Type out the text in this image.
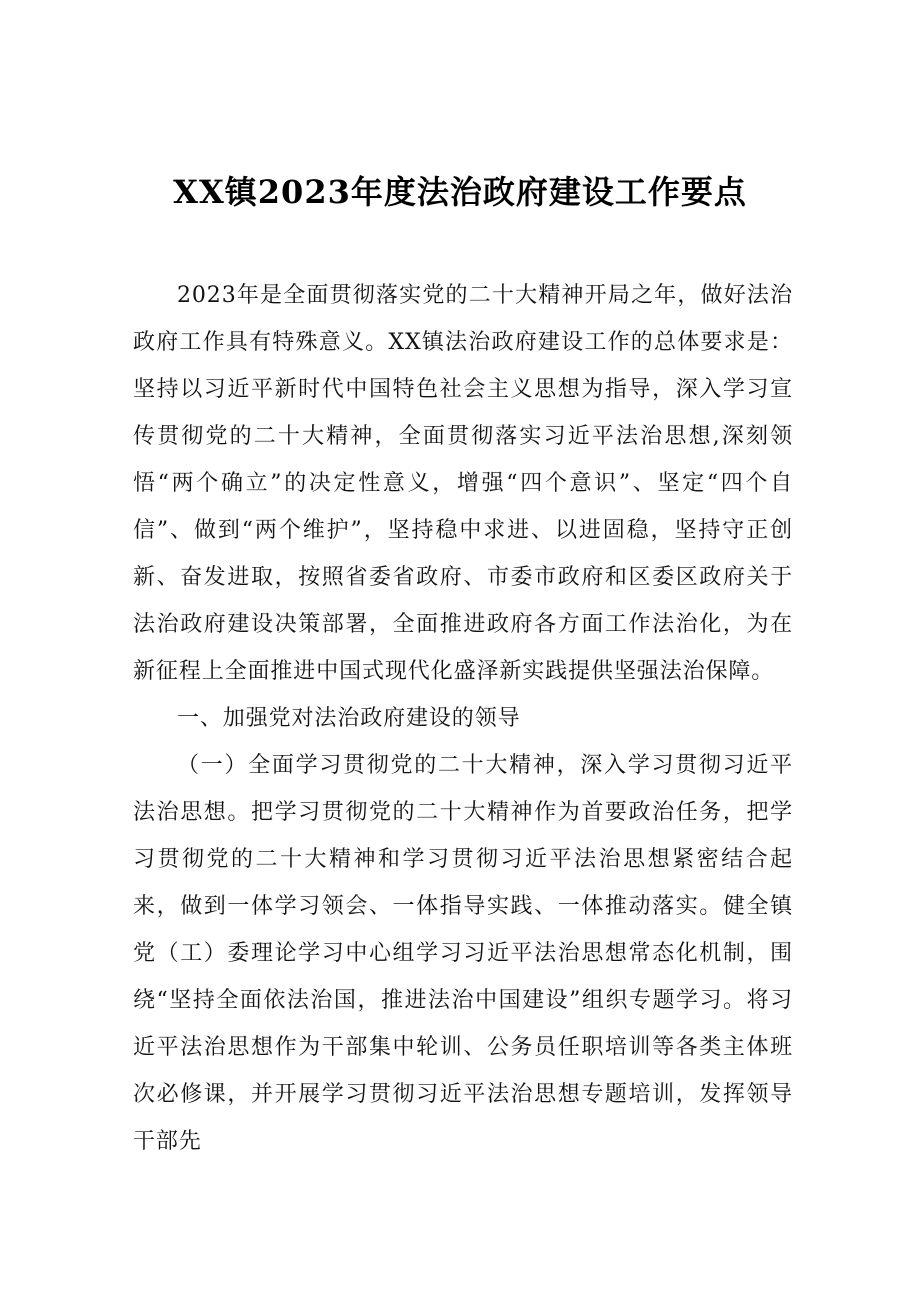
XX镇2023年度法治政府建设工作要点

2023年是全面贯彻落实党的二十大精神开局之年，做好法治政府工作具有特殊意义。XX镇法治政府建设工作的总体要求是：坚持以习近平新时代中国特色社会主义思想为指导，深入学习宣传贯彻党的二十大精神，全面贯彻落实习近平法治思想,深刻领悟“两个确立”的决定性意义，增强“四个意识”、坚定“四个自信”、做到“两个维护”，坚持稳中求进、以进固稳，坚持守正创新、奋发进取，按照省委省政府、市委市政府和区委区政府关于法治政府建设决策部署，全面推进政府各方面工作法治化，为在新征程上全面推进中国式现代化盛泽新实践提供坚强法治保障。

一、加强党对法治政府建设的领导

（一）全面学习贯彻党的二十大精神，深入学习贯彻习近平法治思想。把学习贯彻党的二十大精神作为首要政治任务，把学习贯彻党的二十大精神和学习贯彻习近平法治思想紧密结合起来，做到一体学习领会、一体指导实践、一体推动落实。健全镇党（工）委理论学习中心组学习习近平法治思想常态化机制，围绕“坚持全面依法治国，推进法治中国建设”组织专题学习。将习近平法治思想作为干部集中轮训、公务员任职培训等各类主体班次必修课，并开展学习贯彻习近平法治思想专题培训，发挥领导干部先
